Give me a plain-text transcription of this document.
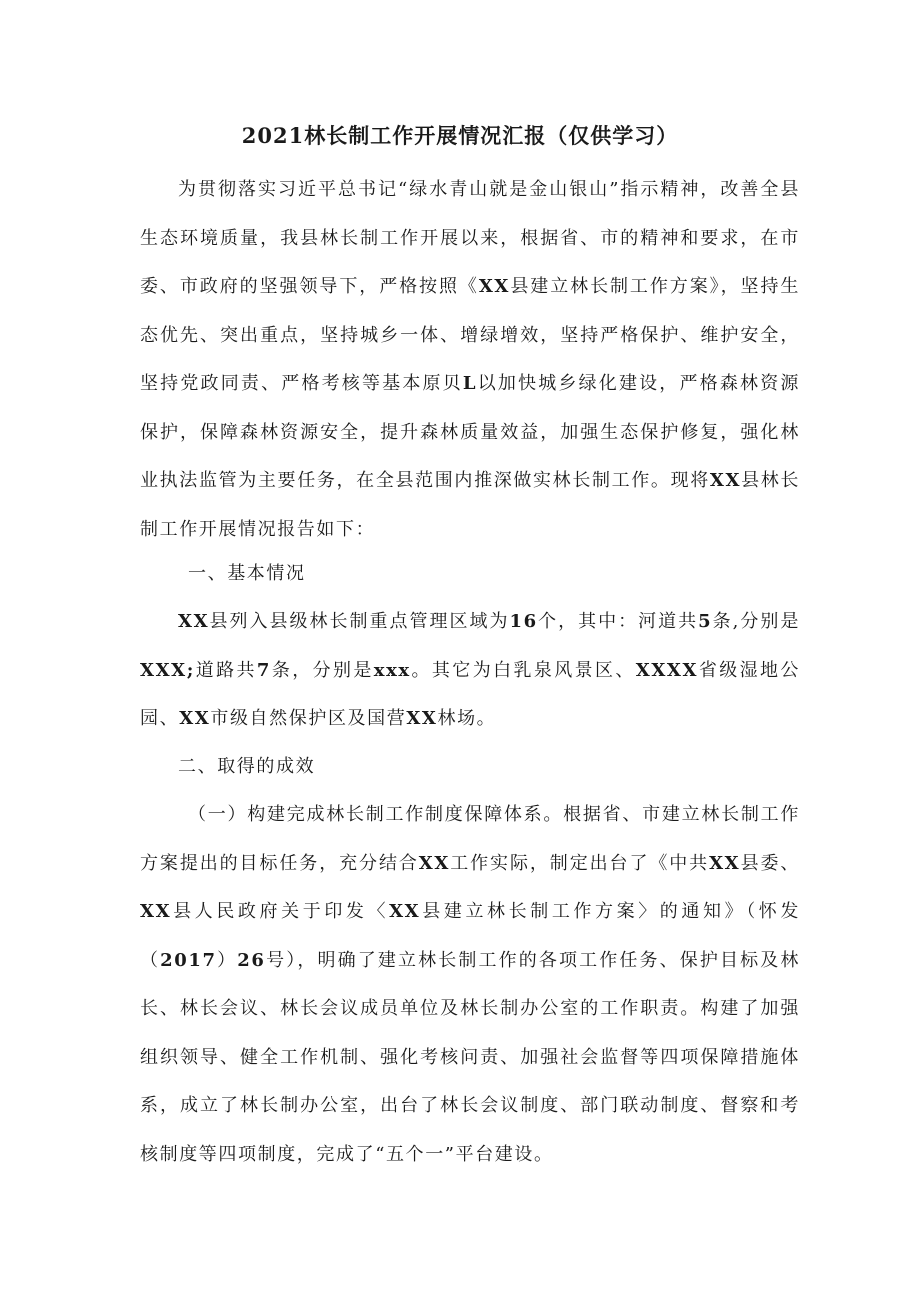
2021林长制工作开展情况汇报（仅供学习）

为贯彻落实习近平总书记“绿水青山就是金山银山”指示精神，改善全县生态环境质量，我县林长制工作开展以来，根据省、市的精神和要求，在市委、市政府的坚强领导下，严格按照《XX县建立林长制工作方案》，坚持生态优先、突出重点，坚持城乡一体、增绿增效，坚持严格保护、维护安全，坚持党政同责、严格考核等基本原贝L以加快城乡绿化建设，严格森林资源保护，保障森林资源安全，提升森林质量效益，加强生态保护修复，强化林业执法监管为主要任务，在全县范围内推深做实林长制工作。现将XX县林长制工作开展情况报告如下：

一、基本情况

XX县列入县级林长制重点管理区域为16个，其中：河道共5条,分别是XXX;道路共7条，分别是xxx。其它为白乳泉风景区、XXXX省级湿地公园、XX市级自然保护区及国营XX林场。

二、取得的成效

（一）构建完成林长制工作制度保障体系。根据省、市建立林长制工作方案提出的目标任务，充分结合XX工作实际，制定出台了《中共XX县委、XX县人民政府关于印发〈XX县建立林长制工作方案〉的通知》（怀发（2017）26号），明确了建立林长制工作的各项工作任务、保护目标及林长、林长会议、林长会议成员单位及林长制办公室的工作职责。构建了加强组织领导、健全工作机制、强化考核问责、加强社会监督等四项保障措施体系，成立了林长制办公室，出台了林长会议制度、部门联动制度、督察和考核制度等四项制度，完成了“五个一”平台建设。
